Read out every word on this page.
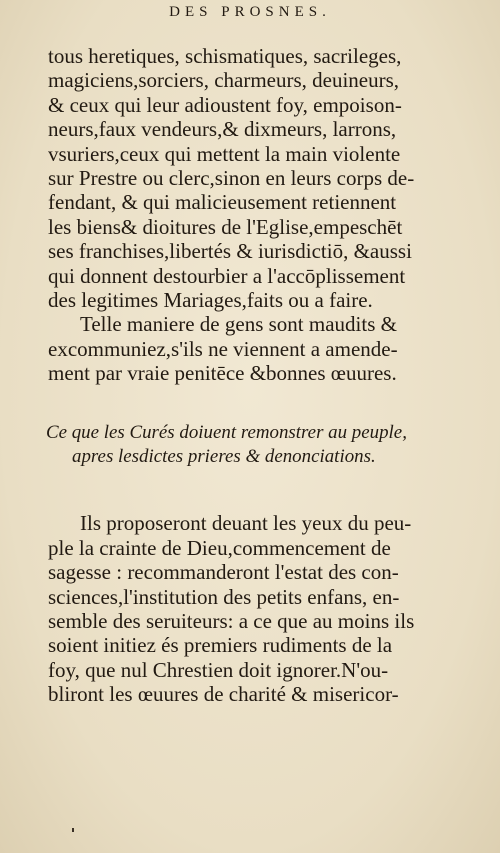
DES PROSNES.
tous heretiques, schismatiques, sacrileges,
magiciens,sorciers, charmeurs, deuineurs,
& ceux qui leur adioustent foy, empoison-
neurs,faux vendeurs,& dixmeurs, larrons,
vsuriers,ceux qui mettent la main violente
sur Prestre ou clerc,sinon en leurs corps de-
fendant, & qui malicieusement retiennent
les biens& dioitures de l'Eglise,empeschēt
ses franchises,libertés & iurisdictiō, &aussi
qui donnent destourbier a l'accōplissement
des legitimes Mariages,faits ou a faire.
Telle maniere de gens sont maudits &
excommuniez,s'ils ne viennent a amende-
ment par vraie penitēce &bonnes œuures.
Ce que les Curés doiuent remonstrer au peuple,
apres lesdictes prieres & denonciations.
Ils proposeront deuant les yeux du peu-
ple la crainte de Dieu,commencement de
sagesse : recommanderont l'estat des con-
sciences,l'institution des petits enfans, en-
semble des seruiteurs: a ce que au moins ils
soient initiez és premiers rudiments de la
foy, que nul Chrestien doit ignorer.N'ou-
bliront les œuures de charité & misericor-
